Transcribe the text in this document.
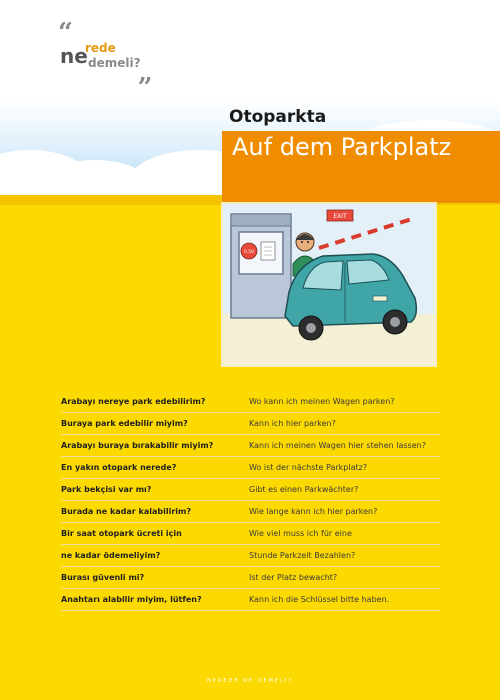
“
ne
rede
demeli?
„
Otoparkta
Auf dem Parkplatz
0.50
EXIT
Arabayı nereye park edebilirim?	Wo kann ich meinen Wagen parken?
Buraya park edebilir miyim?	Kann ich hier parken?
Arabayı buraya bırakabilir miyim?	Kann ich meinen Wagen hier stehen lassen?
En yakın otopark nerede?	Wo ist der nächste Parkplatz?
Park bekçisi var mı?	Gibt es einen Parkwächter?
Burada ne kadar kalabilirim?	Wie lange kann ich hier parken?
Bir saat otopark ücreti için	Wie viel muss ich für eine
ne kadar ödemeliyim?	Stunde Parkzeit Bezahlen?
Burası güvenli mi?	Ist der Platz bewacht?
Anahtarı alabilir miyim, lütfen?	Kann ich die Schlüssel bitte haben.
NEREDE NE DEMELI?
